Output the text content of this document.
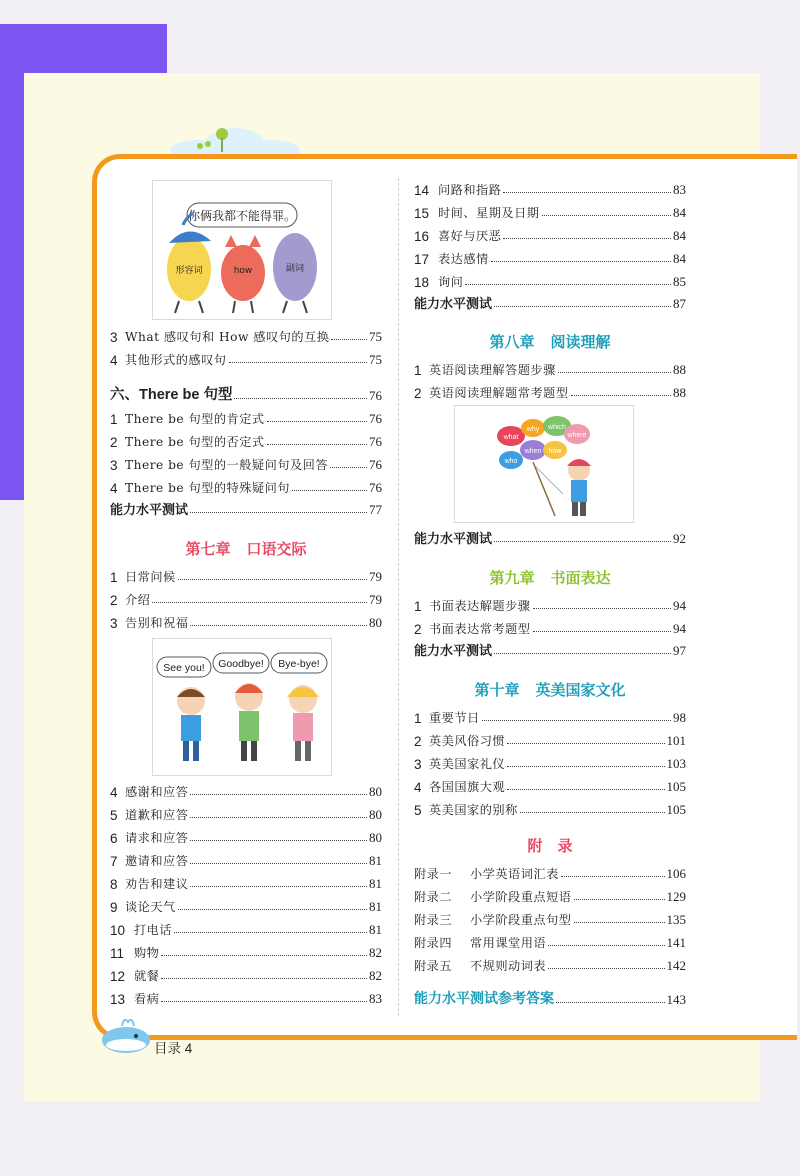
你俩我都不能得罪。
形容词	how	副词
3 What 感叹句和 How 感叹句的互换	75
4 其他形式的感叹句	75
六、There be 句型	76
1 There be 句型的肯定式	76
2 There be 句型的否定式	76
3 There be 句型的一般疑问句及回答	76
4 There be 句型的特殊疑问句	76
能力水平测试	77
第七章 口语交际
1 日常问候	79
2 介绍	79
3 告别和祝福	80
See you! Goodbye! Bye-bye!
4 感谢和应答	80
5 道歉和应答	80
6 请求和应答	80
7 邀请和应答	81
8 劝告和建议	81
9 谈论天气	81
10 打电话	81
11 购物	82
12 就餐	82
13 看病	83
14 问路和指路	83
15 时间、星期及日期	84
16 喜好与厌恶	84
17 表达感情	84
18 询问	85
能力水平测试	87
第八章 阅读理解
1 英语阅读理解答题步骤	88
2 英语阅读理解题常考题型	88
what
why which
where
who
when how
能力水平测试	92
第九章 书面表达
1 书面表达解题步骤	94
2 书面表达常考题型	94
能力水平测试	97
第十章 英美国家文化
1 重要节日	98
2 英美风俗习惯	101
3 英美国家礼仪	103
4 各国国旗大观	105
5 英美国家的别称	105
附　录
附录一	小学英语词汇表	106
附录二	小学阶段重点短语	129
附录三	小学阶段重点句型	135
附录四	常用课堂用语	141
附录五	不规则动词表	142
能力水平测试参考答案	143
目录 4
